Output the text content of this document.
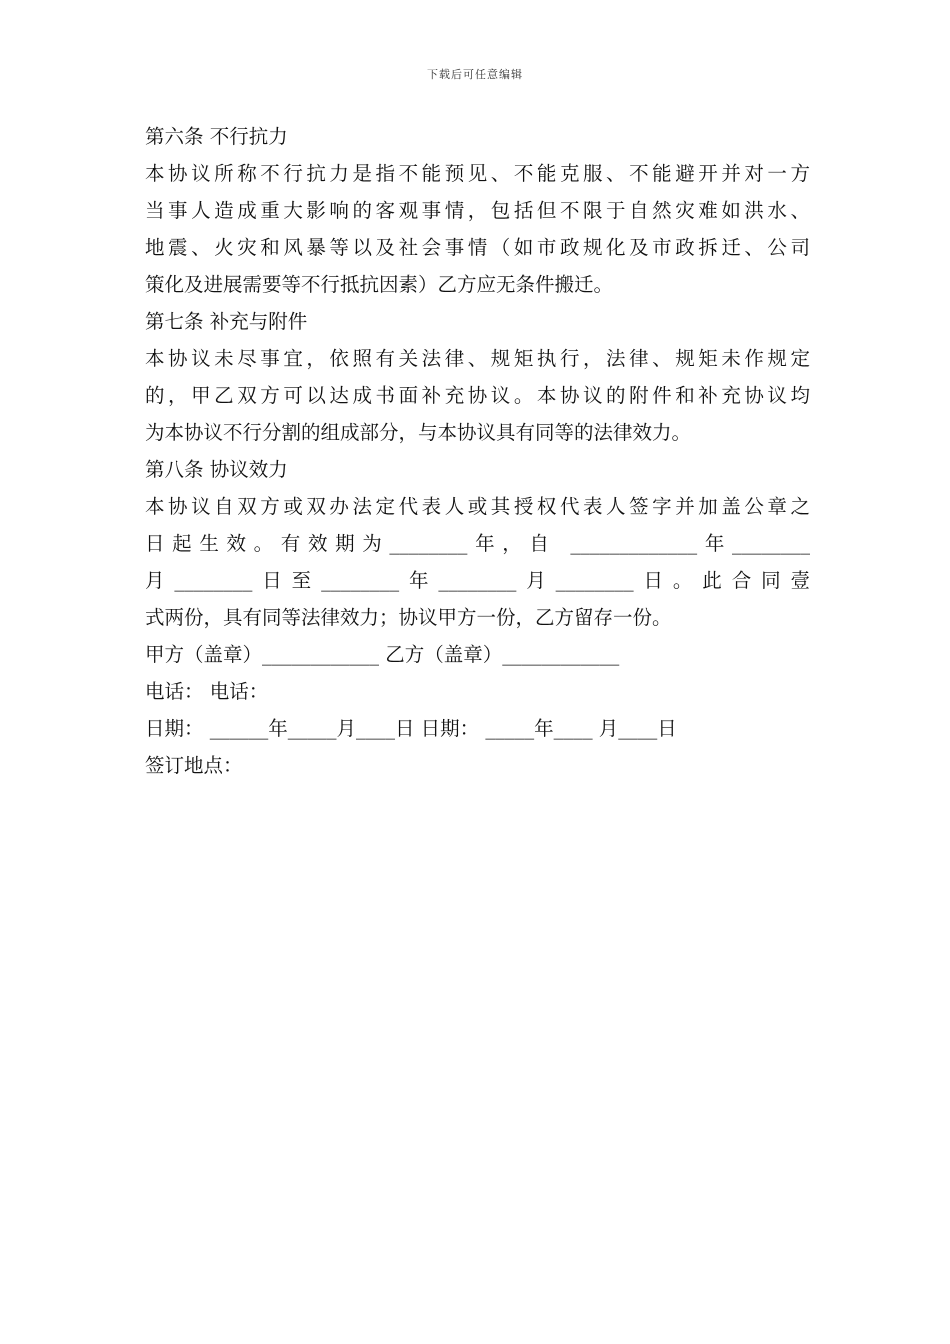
下载后可任意编辑
第六条 不行抗力
本协议所称不行抗力是指不能预见、不能克服、不能避开并对一方
当事人造成重大影响的客观事情，包括但不限于自然灾难如洪水、
地震、火灾和风暴等以及社会事情（如市政规化及市政拆迁、公司
策化及进展需要等不行抵抗因素）乙方应无条件搬迁。
第七条 补充与附件
本协议未尽事宜，依照有关法律、规矩执行，法律、规矩未作规定
的，甲乙双方可以达成书面补充协议。本协议的附件和补充协议均
为本协议不行分割的组成部分，与本协议具有同等的法律效力。
第八条 协议效力
本协议自双方或双办法定代表人或其授权代表人签字并加盖公章之
日起生效。有效期为________年，自 _____________年________
月________日至________年________月________日。此合同壹
式两份，具有同等法律效力；协议甲方一份，乙方留存一份。
甲方（盖章）____________ 乙方（盖章）____________
电话： 电话：
日期： ______年_____月____日 日期： _____年____ 月____日
签订地点：
